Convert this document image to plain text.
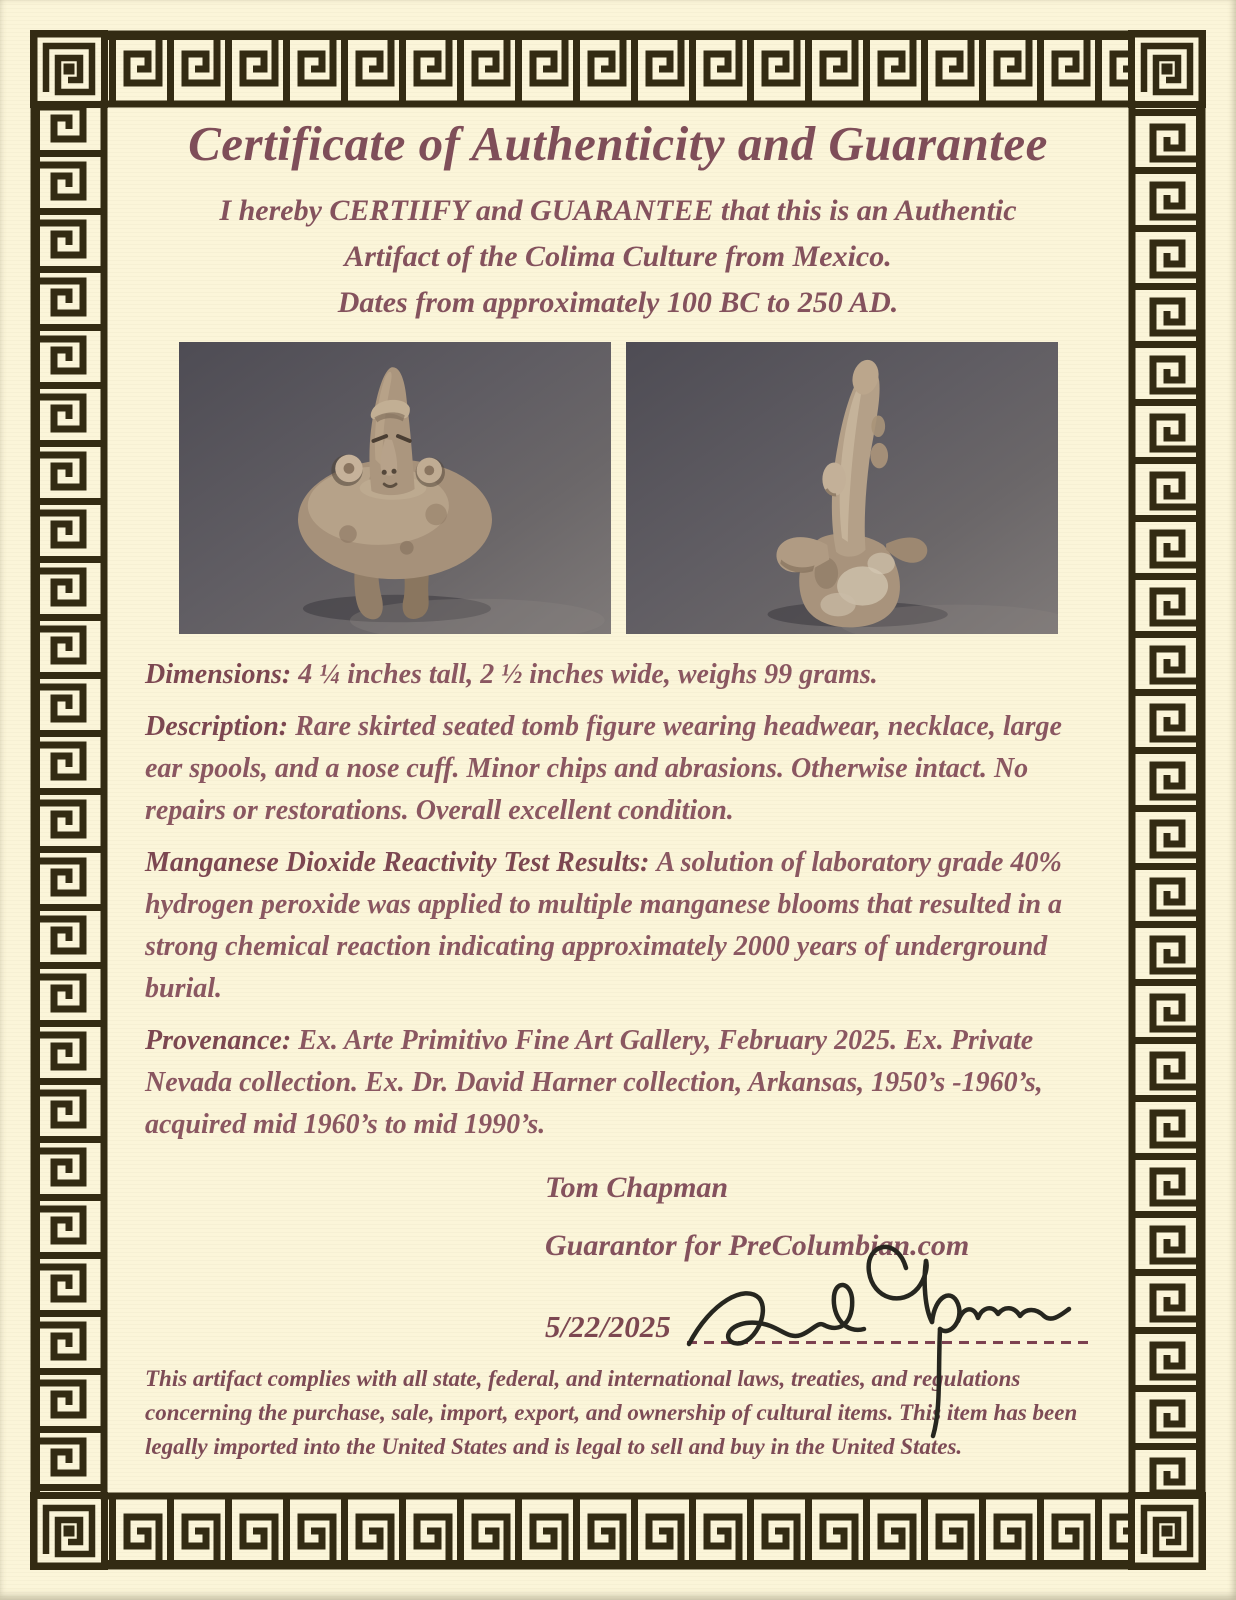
Certificate of Authenticity and Guarantee
I hereby CERTIIFY and GUARANTEE that this is an Authentic
Artifact of the Colima Culture from Mexico.
Dates from approximately 100 BC to 250 AD.

Dimensions: 4 ¼ inches tall, 2 ½ inches wide, weighs 99 grams.

Description: Rare skirted seated tomb figure wearing headwear, necklace, large ear spools, and a nose cuff. Minor chips and abrasions. Otherwise intact. No repairs or restorations. Overall excellent condition.

Manganese Dioxide Reactivity Test Results: A solution of laboratory grade 40% hydrogen peroxide was applied to multiple manganese blooms that resulted in a strong chemical reaction indicating approximately 2000 years of underground burial.

Provenance: Ex. Arte Primitivo Fine Art Gallery, February 2025. Ex. Private Nevada collection. Ex. Dr. David Harner collection, Arkansas, 1950’s -1960’s, acquired mid 1960’s to mid 1990’s.

Tom Chapman
Guarantor for PreColumbian.com
5/22/2025

This artifact complies with all state, federal, and international laws, treaties, and regulations concerning the purchase, sale, import, export, and ownership of cultural items. This item has been legally imported into the United States and is legal to sell and buy in the United States.
